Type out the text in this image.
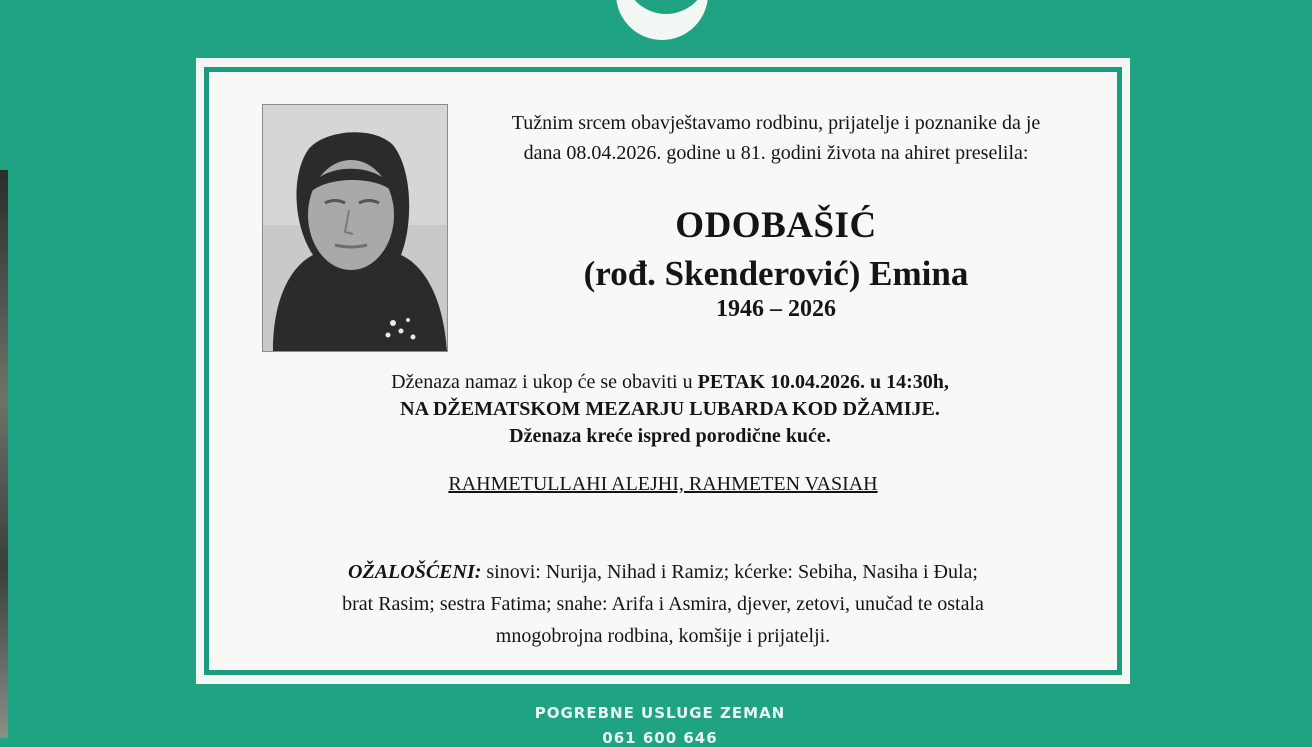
Tužnim srcem obavještavamo rodbinu, prijatelje i poznanike da je
dana 08.04.2026. godine u 81. godini života na ahiret preselila:
ODOBAŠIĆ
(rođ. Skenderović) Emina
1946 – 2026
Dženaza namaz i ukop će se obaviti u PETAK 10.04.2026. u 14:30h,
NA DŽEMATSKOM MEZARJU LUBARDA KOD DŽAMIJE.
Dženaza kreće ispred porodične kuće.
RAHMETULLAHI ALEJHI, RAHMETEN VASIAH
OŽALOŠĆENI: sinovi: Nurija, Nihad i Ramiz; kćerke: Sebiha, Nasiha i Đula;
brat Rasim; sestra Fatima; snahe: Arifa i Asmira, djever, zetovi, unučad te ostala
mnogobrojna rodbina, komšije i prijatelji.
POGREBNE USLUGE ZEMAN
061 600 646
